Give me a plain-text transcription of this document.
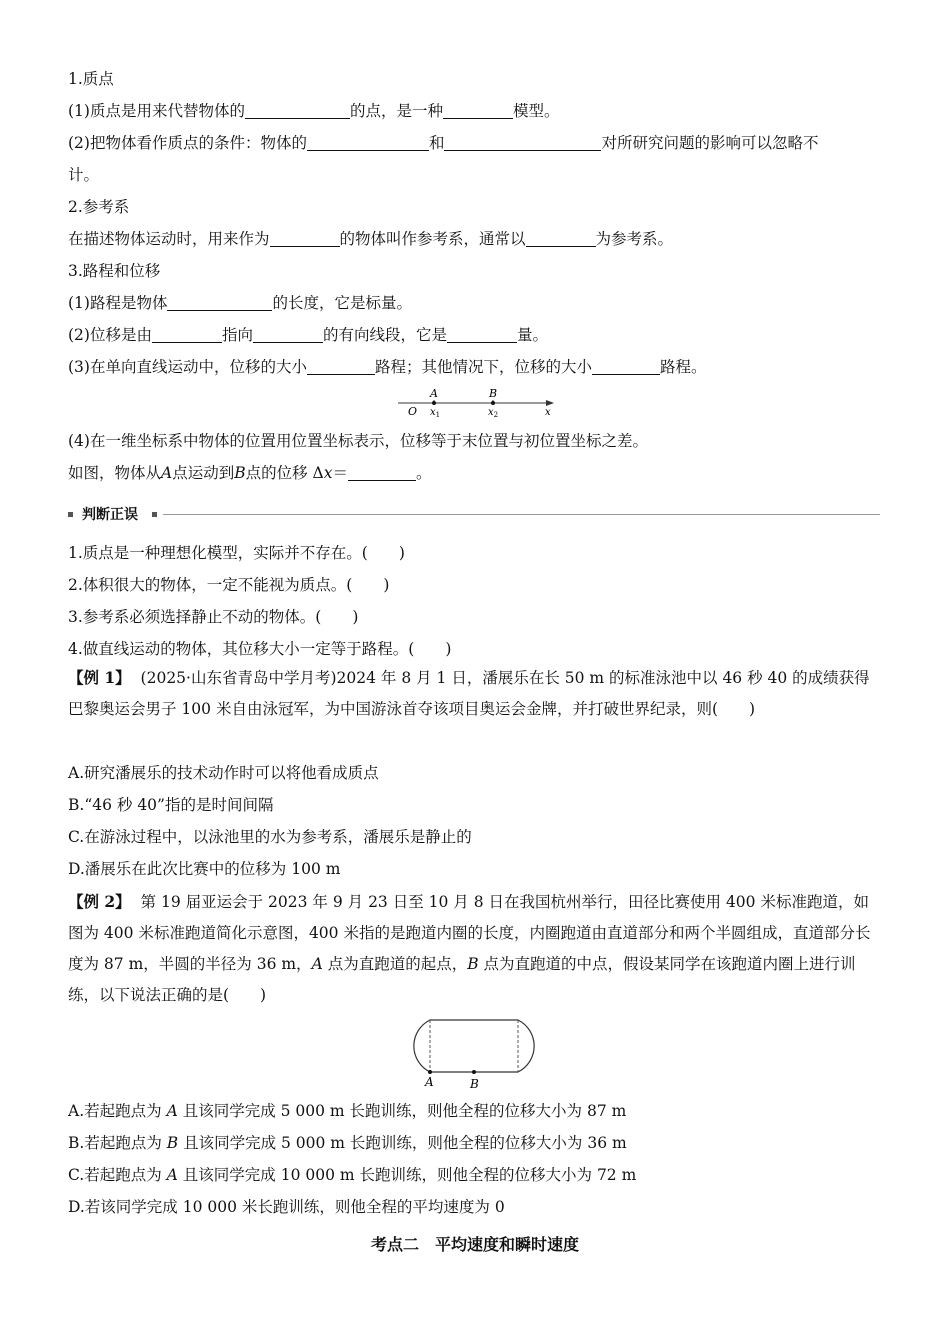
1.质点
(1)质点是用来代替物体的	的点，是一种	模型。
(2)把物体看作质点的条件：物体的	和	对所研究问题的影响可以忽略不
计。
2.参考系
在描述物体运动时，用来作为	的物体叫作参考系，通常以	为参考系。
3.路程和位移
(1)路程是物体	的长度，它是标量。
(2)位移是由	指向	的有向线段，它是	量。
(3)在单向直线运动中，位移的大小	路程；其他情况下，位移的大小	路程。
A	B
O $x_1$	$x_2$	x
(4)在一维坐标系中物体的位置用位置坐标表示，位移等于末位置与初位置坐标之差。
如图，物体从A点运动到B点的位移 Δx＝	。
判断正误
1.质点是一种理想化模型，实际并不存在。(　　)
2.体积很大的物体，一定不能视为质点。(　　)
3.参考系必须选择静止不动的物体。(　　)
4.做直线运动的物体，其位移大小一定等于路程。(　　)
【例 1】 (2025·山东省青岛中学月考)2024 年 8 月 1 日，潘展乐在长 50 m 的标准泳池中以 46 秒 40 的成绩获得巴黎奥运会男子 100 米自由泳冠军，为中国游泳首夺该项目奥运会金牌，并打破世界纪录，则(　　)
A.研究潘展乐的技术动作时可以将他看成质点
B.“46 秒 40”指的是时间间隔
C.在游泳过程中，以泳池里的水为参考系，潘展乐是静止的
D.潘展乐在此次比赛中的位移为 100 m
【例 2】 第 19 届亚运会于 2023 年 9 月 23 日至 10 月 8 日在我国杭州举行，田径比赛使用 400 米标准跑道，如图为 400 米标准跑道简化示意图，400 米指的是跑道内圈的长度，内圈跑道由直道部分和两个半圆组成，直道部分长度为 87 m，半圆的半径为 36 m，A 点为直跑道的起点，B 点为直跑道的中点，假设某同学在该跑道内圈上进行训练，以下说法正确的是(　　)
A	B
A.若起跑点为 A 且该同学完成 5 000 m 长跑训练，则他全程的位移大小为 87 m
B.若起跑点为 B 且该同学完成 5 000 m 长跑训练，则他全程的位移大小为 36 m
C.若起跑点为 A 且该同学完成 10 000 m 长跑训练，则他全程的位移大小为 72 m
D.若该同学完成 10 000 米长跑训练，则他全程的平均速度为 0
考点二　平均速度和瞬时速度
